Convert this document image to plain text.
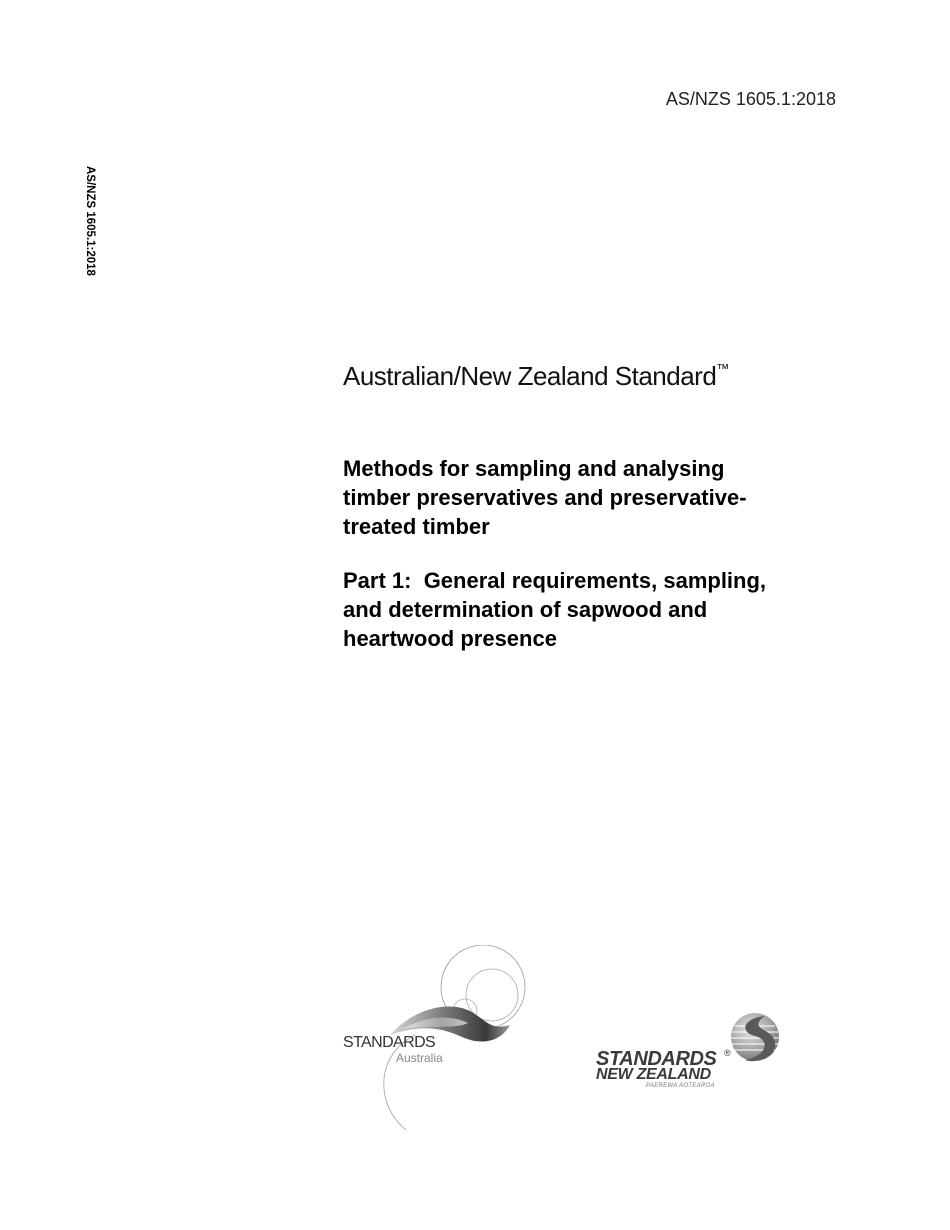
AS/NZS 1605.1:2018
AS/NZS 1605.1:2018
Australian/New Zealand Standard™
Methods for sampling and analysing
timber preservatives and preservative-
treated timber
Part 1:  General requirements, sampling,
and determination of sapwood and
heartwood presence
STANDARDS
Australia	STANDARDS ®
NEW ZEALAND
PAEREWA AOTEAROA
